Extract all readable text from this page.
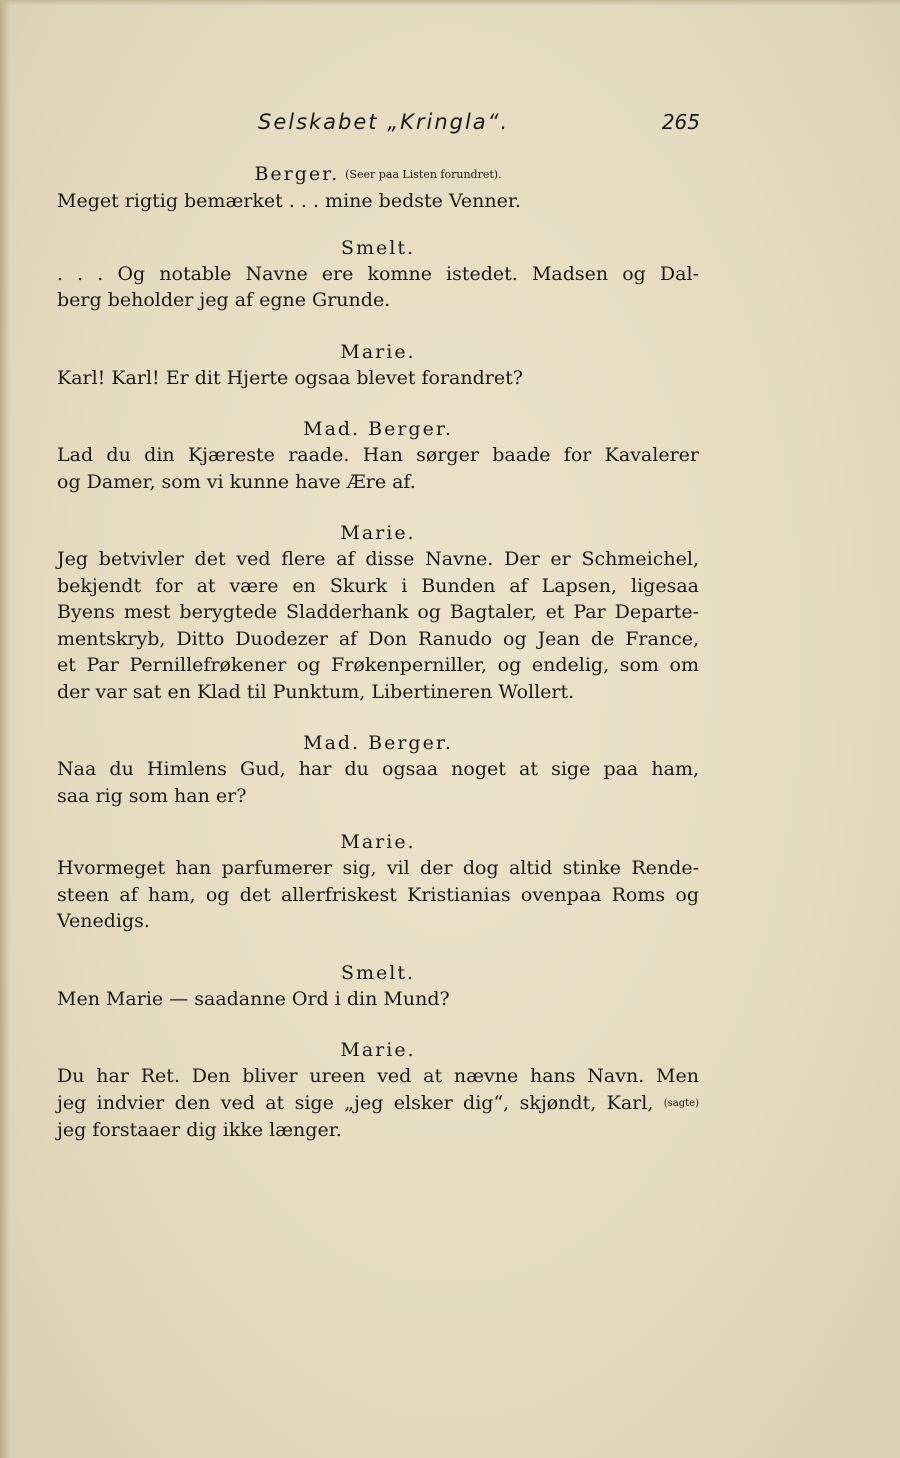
Selskabet „Kringla“.	265
Berger. (Seer paa Listen forundret).
Meget rigtig bemærket . . . mine bedste Venner.
Smelt.
. . . Og notable Navne ere komne istedet. Madsen og Dal-
berg beholder jeg af egne Grunde.
Marie.
Karl! Karl! Er dit Hjerte ogsaa blevet forandret?
Mad. Berger.
Lad du din Kjæreste raade. Han sørger baade for Kavalerer
og Damer, som vi kunne have Ære af.
Marie.
Jeg betvivler det ved flere af disse Navne. Der er Schmeichel,
bekjendt for at være en Skurk i Bunden af Lapsen, ligesaa
Byens mest berygtede Sladderhank og Bagtaler, et Par Departe-
mentskryb, Ditto Duodezer af Don Ranudo og Jean de France,
et Par Pernillefrøkener og Frøkenperniller, og endelig, som om
der var sat en Klad til Punktum, Libertineren Wollert.
Mad. Berger.
Naa du Himlens Gud, har du ogsaa noget at sige paa ham,
saa rig som han er?
Marie.
Hvormeget han parfumerer sig, vil der dog altid stinke Rende-
steen af ham, og det allerfriskest Kristianias ovenpaa Roms og
Venedigs.
Smelt.
Men Marie — saadanne Ord i din Mund?
Marie.
Du har Ret. Den bliver ureen ved at nævne hans Navn. Men
jeg indvier den ved at sige „jeg elsker dig“, skjøndt, Karl, (sagte)
jeg forstaaer dig ikke længer.
